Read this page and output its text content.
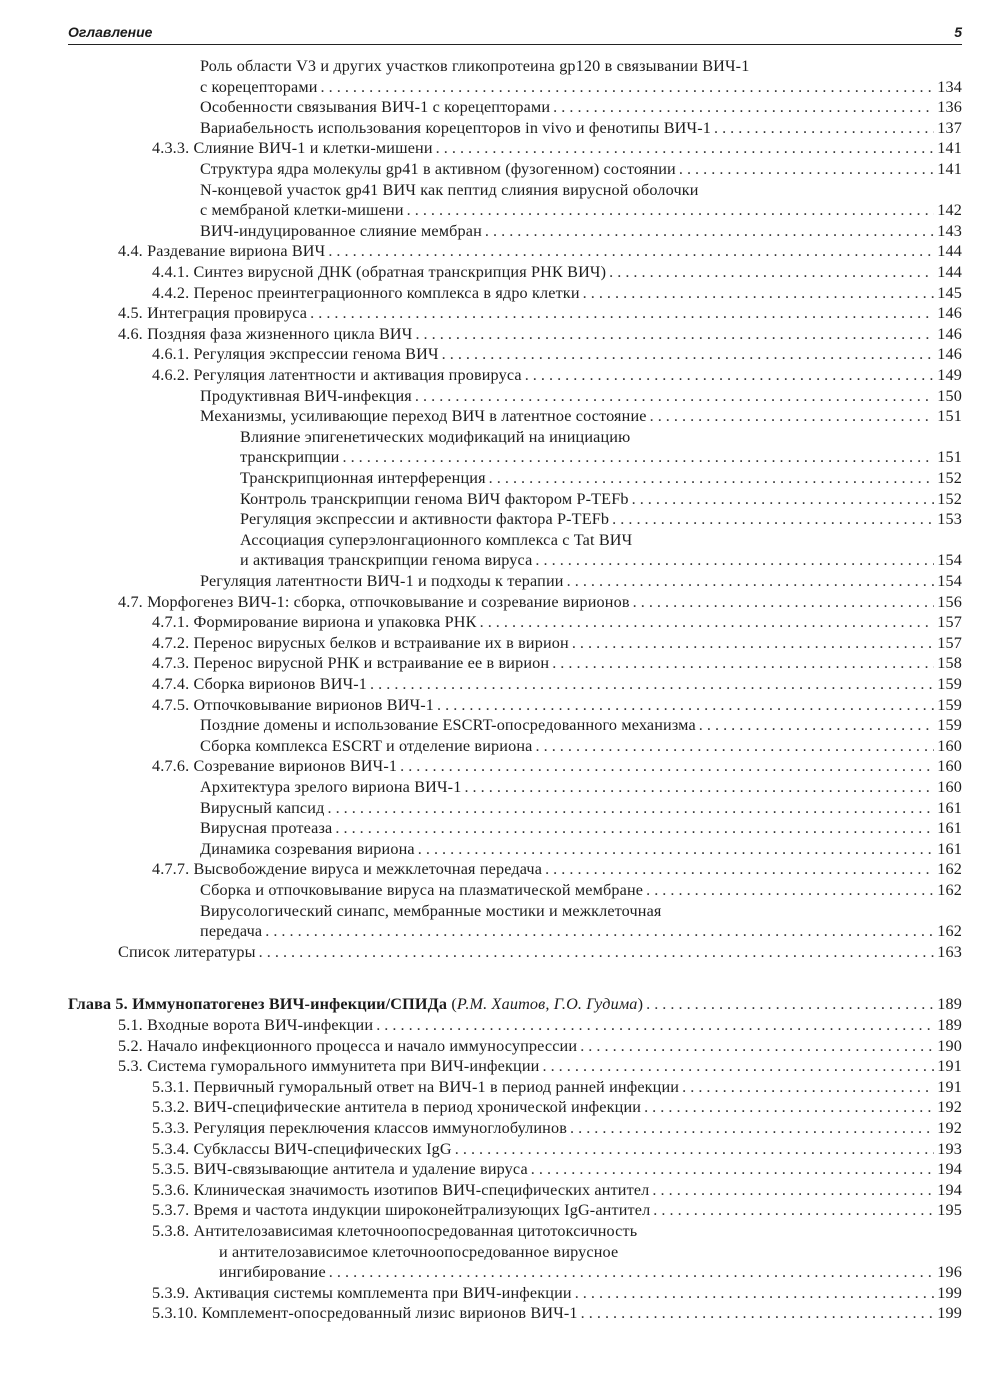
Оглавление	5
Роль области V3 и других участков гликопротеина gp120 в связывании ВИЧ-1
с корецепторами . . .	134
Особенности связывания ВИЧ-1 с корецепторами . . .	136
Вариабельность использования корецепторов in vivo и фенотипы ВИЧ-1 . . .	137
4.3.3. Слияние ВИЧ-1 и клетки-мишени . . .	141
Структура ядра молекулы gp41 в активном (фузогенном) состоянии . . .	141
N-концевой участок gp41 ВИЧ как пептид слияния вирусной оболочки
с мембраной клетки-мишени . . .	142
ВИЧ-индуцированное слияние мембран . . .	143
4.4. Раздевание вириона ВИЧ . . .	144
4.4.1. Синтез вирусной ДНК (обратная транскрипция РНК ВИЧ) . . .	144
4.4.2. Перенос преинтеграционного комплекса в ядро клетки . . .	145
4.5. Интеграция провируса . . .	146
4.6. Поздняя фаза жизненного цикла ВИЧ . . .	146
4.6.1. Регуляция экспрессии генома ВИЧ . . .	146
4.6.2. Регуляция латентности и активация провируса . . .	149
Продуктивная ВИЧ-инфекция . . .	150
Механизмы, усиливающие переход ВИЧ в латентное состояние . . .	151
Влияние эпигенетических модификаций на инициацию
транскрипции . . .	151
Транскрипционная интерференция . . .	152
Контроль транскрипции генома ВИЧ фактором P-TEFb . . .	152
Регуляция экспрессии и активности фактора P-TEFb . . .	153
Ассоциация суперэлонгационного комплекса с Tat ВИЧ
и активация транскрипции генома вируса . . .	154
Регуляция латентности ВИЧ-1 и подходы к терапии . . .	154
4.7. Морфогенез ВИЧ-1: сборка, отпочковывание и созревание вирионов . . .	156
4.7.1. Формирование вириона и упаковка РНК . . .	157
4.7.2. Перенос вирусных белков и встраивание их в вирион . . .	157
4.7.3. Перенос вирусной РНК и встраивание ее в вирион . . .	158
4.7.4. Сборка вирионов ВИЧ-1 . . .	159
4.7.5. Отпочковывание вирионов ВИЧ-1 . . .	159
Поздние домены и использование ESCRT-опосредованного механизма . . .	159
Сборка комплекса ESCRT и отделение вириона . . .	160
4.7.6. Созревание вирионов ВИЧ-1 . . .	160
Архитектура зрелого вириона ВИЧ-1 . . .	160
Вирусный капсид . . .	161
Вирусная протеаза . . .	161
Динамика созревания вириона . . .	161
4.7.7. Высвобождение вируса и межклеточная передача . . .	162
Сборка и отпочковывание вируса на плазматической мембране . . .	162
Вирусологический синапс, мембранные мостики и межклеточная
передача . . .	162
Список литературы . . .	163
Глава 5. Иммунопатогенез ВИЧ-инфекции/СПИДа (Р.М. Хаитов, Г.О. Гудима) . . .	189
5.1. Входные ворота ВИЧ-инфекции . . .	189
5.2. Начало инфекционного процесса и начало иммуносупрессии . . .	190
5.3. Система гуморального иммунитета при ВИЧ-инфекции . . .	191
5.3.1. Первичный гуморальный ответ на ВИЧ-1 в период ранней инфекции . . .	191
5.3.2. ВИЧ-специфические антитела в период хронической инфекции . . .	192
5.3.3. Регуляция переключения классов иммуноглобулинов . . .	192
5.3.4. Субклассы ВИЧ-специфических IgG . . .	193
5.3.5. ВИЧ-связывающие антитела и удаление вируса . . .	194
5.3.6. Клиническая значимость изотипов ВИЧ-специфических антител . . .	194
5.3.7. Время и частота индукции широконейтрализующих IgG-антител . . .	195
5.3.8. Антителозависимая клеточноопосредованная цитотоксичность
и антителозависимое клеточноопосредованное вирусное
ингибирование . . .	196
5.3.9. Активация системы комплемента при ВИЧ-инфекции . . .	199
5.3.10. Комплемент-опосредованный лизис вирионов ВИЧ-1 . . .	199
